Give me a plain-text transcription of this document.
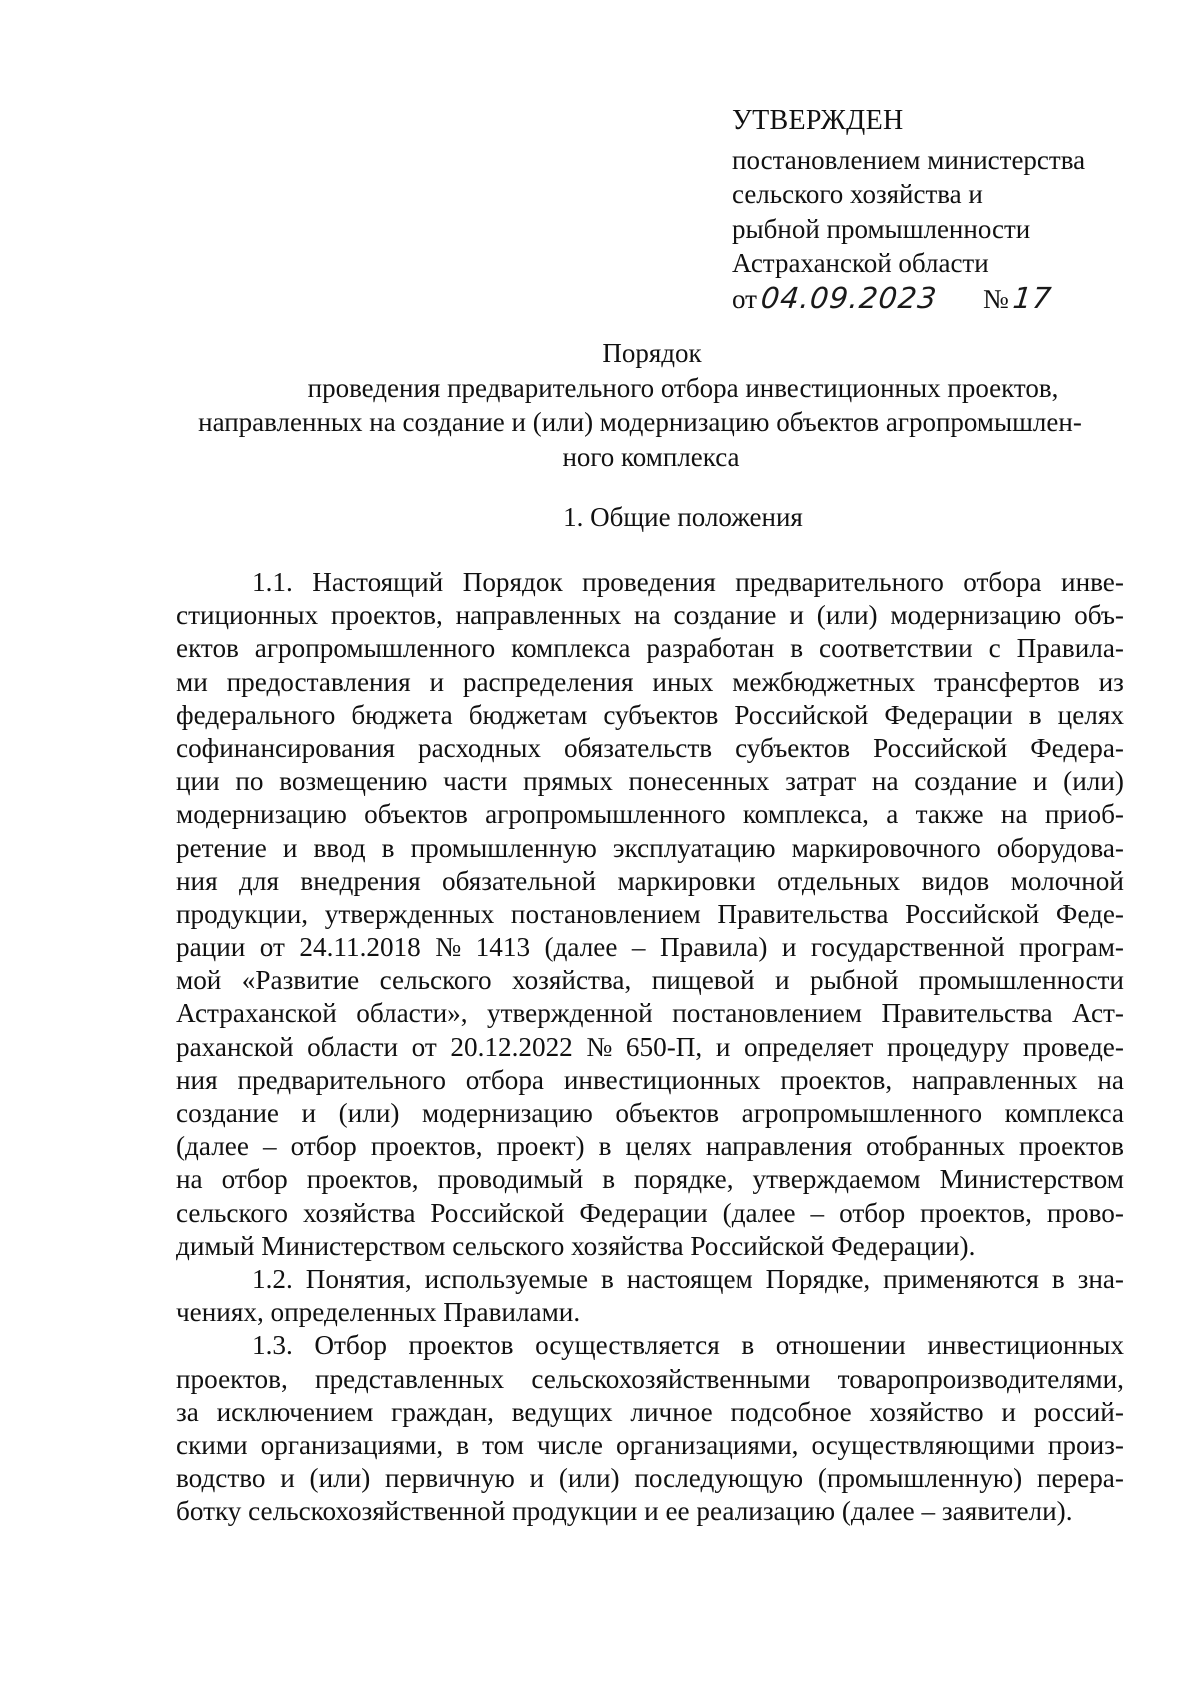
УТВЕРЖДЕН
постановлением министерства
сельского хозяйства и
рыбной промышленности
Астраханской области
от04.09.2023 №17
Порядок
проведения предварительного отбора инвестиционных проектов,
направленных на создание и (или) модернизацию объектов агропромышлен-
ного комплекса
1. Общие положения
1.1. Настоящий Порядок проведения предварительного отбора инве-
стиционных проектов, направленных на создание и (или) модернизацию объ-
ектов агропромышленного комплекса разработан в соответствии с Правила-
ми предоставления и распределения иных межбюджетных трансфертов из
федерального бюджета бюджетам субъектов Российской Федерации в целях
софинансирования расходных обязательств субъектов Российской Федера-
ции по возмещению части прямых понесенных затрат на создание и (или)
модернизацию объектов агропромышленного комплекса, а также на приоб-
ретение и ввод в промышленную эксплуатацию маркировочного оборудова-
ния для внедрения обязательной маркировки отдельных видов молочной
продукции, утвержденных постановлением Правительства Российской Феде-
рации от 24.11.2018 № 1413 (далее – Правила) и государственной програм-
мой «Развитие сельского хозяйства, пищевой и рыбной промышленности
Астраханской области», утвержденной постановлением Правительства Аст-
раханской области от 20.12.2022 № 650-П, и определяет процедуру проведе-
ния предварительного отбора инвестиционных проектов, направленных на
создание и (или) модернизацию объектов агропромышленного комплекса
(далее – отбор проектов, проект) в целях направления отобранных проектов
на отбор проектов, проводимый в порядке, утверждаемом Министерством
сельского хозяйства Российской Федерации (далее – отбор проектов, прово-
димый Министерством сельского хозяйства Российской Федерации).
1.2. Понятия, используемые в настоящем Порядке, применяются в зна-
чениях, определенных Правилами.
1.3. Отбор проектов осуществляется в отношении инвестиционных
проектов, представленных сельскохозяйственными товаропроизводителями,
за исключением граждан, ведущих личное подсобное хозяйство и россий-
скими организациями, в том числе организациями, осуществляющими произ-
водство и (или) первичную и (или) последующую (промышленную) перера-
ботку сельскохозяйственной продукции и ее реализацию (далее – заявители).
